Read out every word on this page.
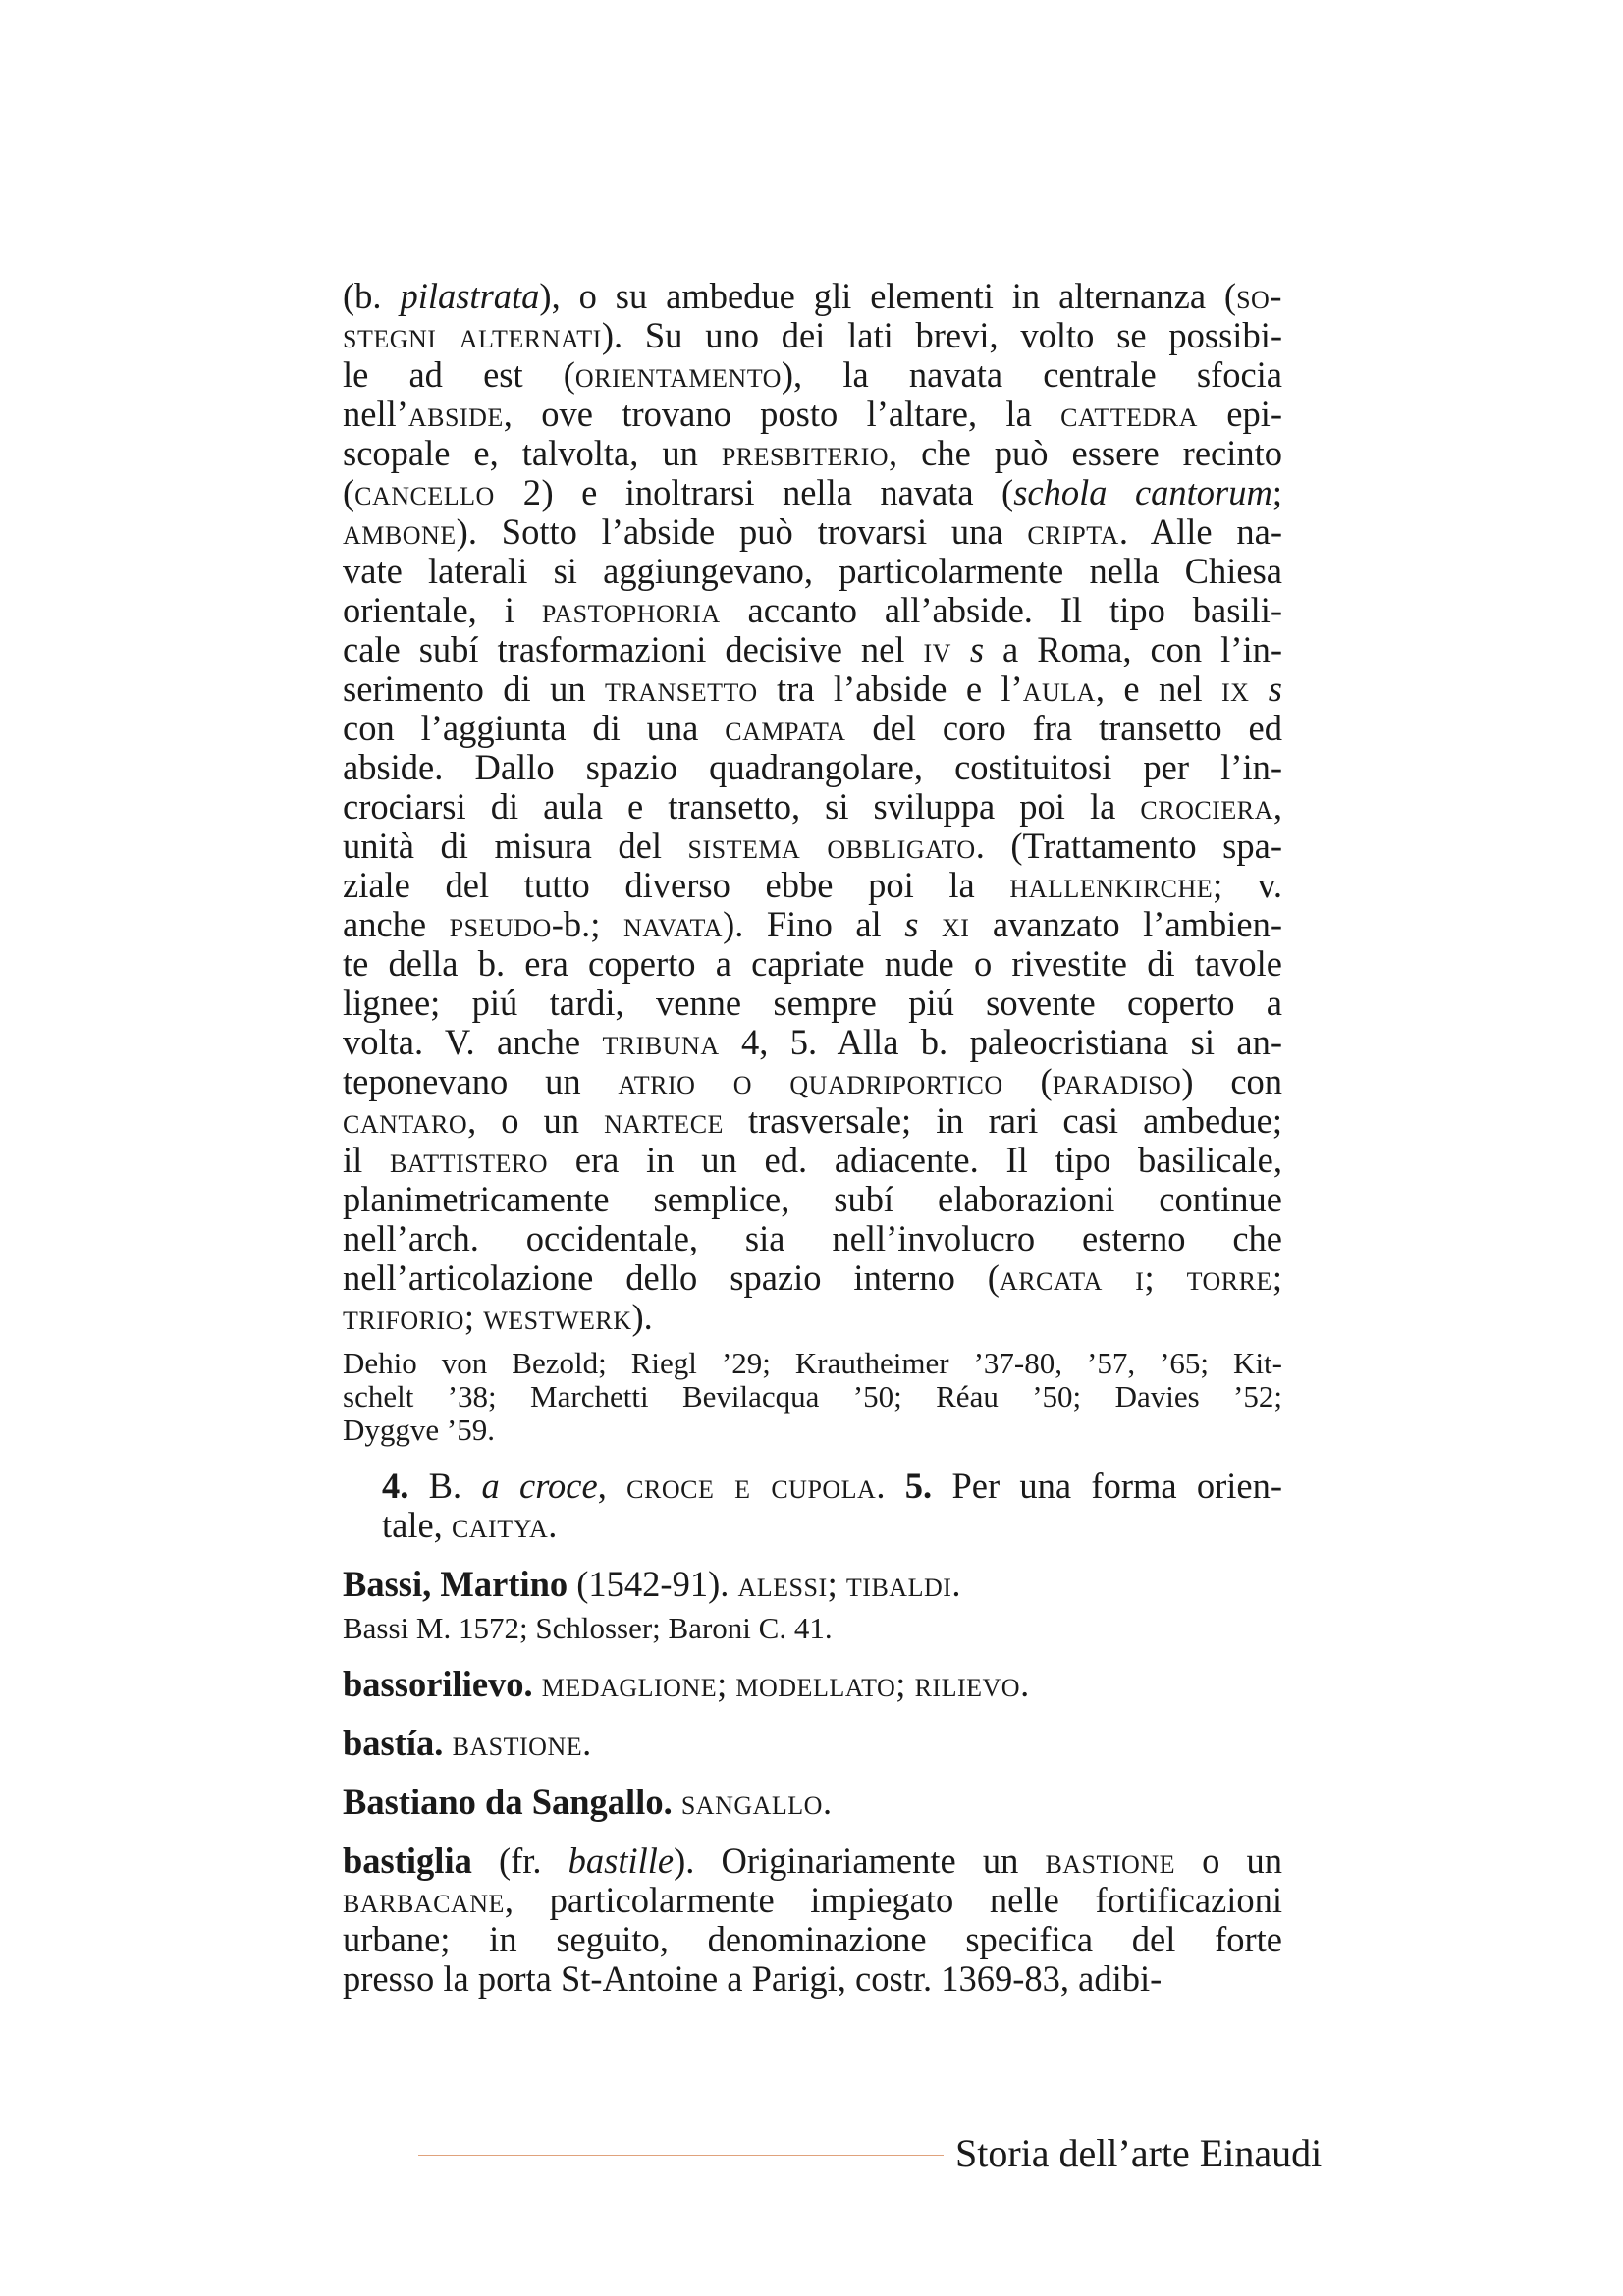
(b. pilastrata), o su ambedue gli elementi in alternanza (so-
stegni alternati). Su uno dei lati brevi, volto se possibi-
le ad est (orientamento), la navata centrale sfocia
nell’abside, ove trovano posto l’altare, la cattedra epi-
scopale e, talvolta, un presbiterio, che può essere recinto
(cancello 2) e inoltrarsi nella navata (schola cantorum;
ambone). Sotto l’abside può trovarsi una cripta. Alle na-
vate laterali si aggiungevano, particolarmente nella Chiesa
orientale, i pastophoria accanto all’abside. Il tipo basili-
cale subí trasformazioni decisive nel iv s a Roma, con l’in-
serimento di un transetto tra l’abside e l’aula, e nel ix s
con l’aggiunta di una campata del coro fra transetto ed
abside. Dallo spazio quadrangolare, costituitosi per l’in-
crociarsi di aula e transetto, si sviluppa poi la crociera,
unità di misura del sistema obbligato. (Trattamento spa-
ziale del tutto diverso ebbe poi la hallenkirche; v.
anche pseudo-b.; navata). Fino al s xi avanzato l’ambien-
te della b. era coperto a capriate nude o rivestite di tavole
lignee; piú tardi, venne sempre piú sovente coperto a
volta. V. anche tribuna 4, 5. Alla b. paleocristiana si an-
teponevano un atrio o quadriportico (paradiso) con
cantaro, o un nartece trasversale; in rari casi ambedue;
il battistero era in un ed. adiacente. Il tipo basilicale,
planimetricamente semplice, subí elaborazioni continue
nell’arch. occidentale, sia nell’involucro esterno che
nell’articolazione dello spazio interno (arcata i; torre;
triforio; westwerk).

Dehio von Bezold; Riegl ’29; Krautheimer ’37-80, ’57, ’65; Kit-
schelt ’38; Marchetti Bevilacqua ’50; Réau ’50; Davies ’52;
Dyggve ’59.

4. B. a croce, croce e cupola. 5. Per una forma orien-
tale, caitya.

Bassi, Martino (1542-91). alessi; tibaldi.

Bassi M. 1572; Schlosser; Baroni C. 41.

bassorilievo. medaglione; modellato; rilievo.

bastía. bastione.

Bastiano da Sangallo. sangallo.

bastiglia (fr. bastille). Originariamente un bastione o un
barbacane, particolarmente impiegato nelle fortificazioni
urbane; in seguito, denominazione specifica del forte
presso la porta St-Antoine a Parigi, costr. 1369-83, adibi-

Storia dell’arte Einaudi
